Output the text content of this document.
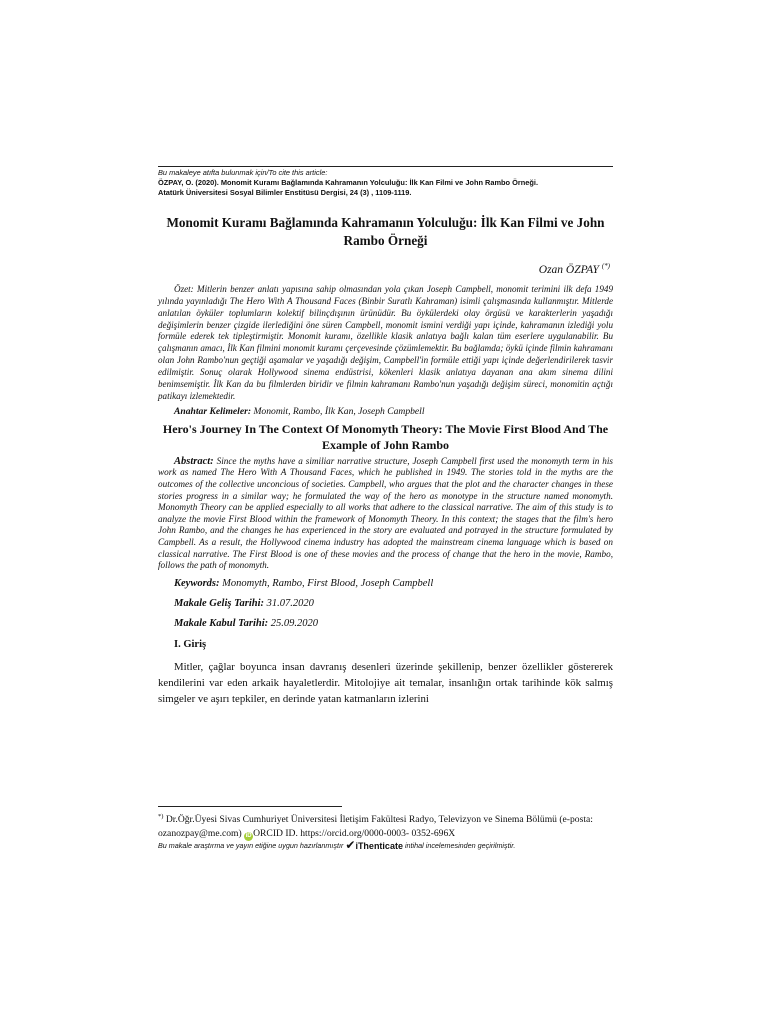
Bu makaleye atıfta bulunmak için/To cite this article:
ÖZPAY, O. (2020). Monomit Kuramı Bağlamında Kahramanın Yolculuğu: İlk Kan Filmi ve John Rambo Örneği.
Atatürk Üniversitesi Sosyal Bilimler Enstitüsü Dergisi, 24 (3) , 1109-1119.
Monomit Kuramı Bağlamında Kahramanın Yolculuğu: İlk Kan Filmi ve John Rambo Örneği
Ozan ÖZPAY (*)
Özet: Mitlerin benzer anlatı yapısına sahip olmasından yola çıkan Joseph Campbell, monomit terimini ilk defa 1949 yılında yayınladığı The Hero With A Thousand Faces (Binbir Suratlı Kahraman) isimli çalışmasında kullanmıştır. Mitlerde anlatılan öyküler toplumların kolektif bilinçdışının ürünüdür. Bu öykülerdeki olay örgüsü ve karakterlerin yaşadığı değişimlerin benzer çizgide ilerlediğini öne süren Campbell, monomit ismini verdiği yapı içinde, kahramanın izlediği yolu formüle ederek tek tipleştirmiştir. Monomit kuramı, özellikle klasik anlatıya bağlı kalan tüm eserlere uygulanabilir. Bu çalışmanın amacı, İlk Kan filmini monomit kuramı çerçevesinde çözümlemektir. Bu bağlamda; öykü içinde filmin kahramanı olan John Rambo'nun geçtiği aşamalar ve yaşadığı değişim, Campbell'in formüle ettiği yapı içinde değerlendirilerek tasvir edilmiştir. Sonuç olarak Hollywood sinema endüstrisi, kökenleri klasik anlatıya dayanan ana akım sinema dilini benimsemiştir. İlk Kan da bu filmlerden biridir ve filmin kahramanı Rambo'nun yaşadığı değişim süreci, monomitin açtığı patikayı izlemektedir.
Anahtar Kelimeler: Monomit, Rambo, İlk Kan, Joseph Campbell
Hero's Journey In The Context Of Monomyth Theory: The Movie First Blood And The Example of John Rambo
Abstract: Since the myths have a similiar narrative structure, Joseph Campbell first used the monomyth term in his work as named The Hero With A Thousand Faces, which he published in 1949. The stories told in the myths are the outcomes of the collective unconcious of societies. Campbell, who argues that the plot and the character changes in these stories progress in a similar way; he formulated the way of the hero as monotype in the structure named monomyth. Monomyth Theory can be applied especially to all works that adhere to the classical narrative. The aim of this study is to analyze the movie First Blood within the framework of Monomyth Theory. In this context; the stages that the film's hero John Rambo, and the changes he has experienced in the story are evaluated and potrayed in the structure formulated by Campbell. As a result, the Hollywood cinema industry has adopted the mainstream cinema language which is based on classical narrative. The First Blood is one of these movies and the process of change that the hero in the movie, Rambo, follows the path of monomyth.
Keywords: Monomyth, Rambo, First Blood, Joseph Campbell
Makale Geliş Tarihi: 31.07.2020
Makale Kabul Tarihi: 25.09.2020
I. Giriş
Mitler, çağlar boyunca insan davranış desenleri üzerinde şekillenip, benzer özellikler göstererek kendilerini var eden arkaik hayaletlerdir. Mitolojiye ait temalar, insanlığın ortak tarihinde kök salmış simgeler ve aşırı tepkiler, en derinde yatan katmanların izlerini
*) Dr.Öğr.Üyesi Sivas Cumhuriyet Üniversitesi İletişim Fakültesi Radyo, Televizyon ve Sinema Bölümü (e-posta: ozanozpay@me.com) iD ORCID ID. https://orcid.org/0000-0003- 0352-696X
Bu makale araştırma ve yayın etiğine uygun hazırlanmıştır ✔iThenticate intihal incelemesinden geçirilmiştir.
